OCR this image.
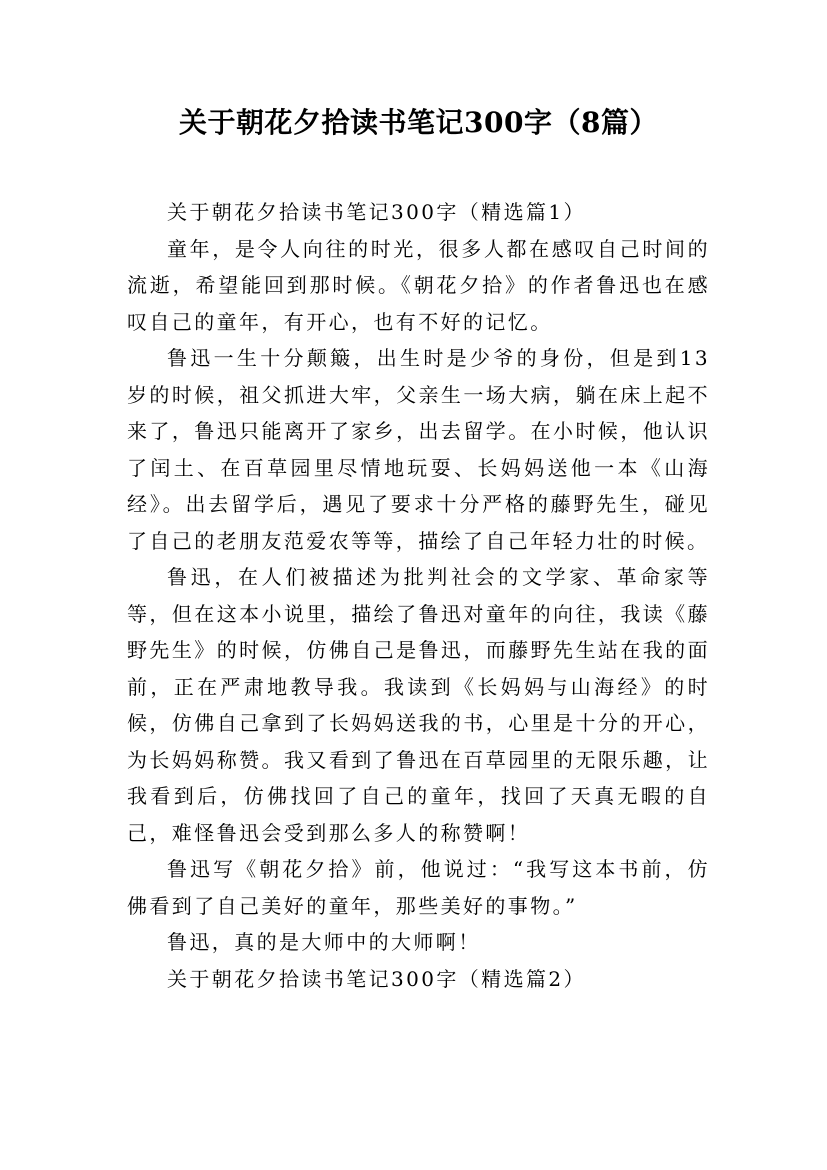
关于朝花夕拾读书笔记300字（8篇）

关于朝花夕拾读书笔记300字（精选篇1）

童年，是令人向往的时光，很多人都在感叹自己时间的流逝，希望能回到那时候。《朝花夕拾》的作者鲁迅也在感叹自己的童年，有开心，也有不好的记忆。

鲁迅一生十分颠簸，出生时是少爷的身份，但是到13岁的时候，祖父抓进大牢，父亲生一场大病，躺在床上起不来了，鲁迅只能离开了家乡，出去留学。在小时候，他认识了闰土、在百草园里尽情地玩耍、长妈妈送他一本《山海经》。出去留学后，遇见了要求十分严格的藤野先生，碰见了自己的老朋友范爱农等等，描绘了自己年轻力壮的时候。

鲁迅，在人们被描述为批判社会的文学家、革命家等等，但在这本小说里，描绘了鲁迅对童年的向往，我读《藤野先生》的时候，仿佛自己是鲁迅，而藤野先生站在我的面前，正在严肃地教导我。我读到《长妈妈与山海经》的时候，仿佛自己拿到了长妈妈送我的书，心里是十分的开心，为长妈妈称赞。我又看到了鲁迅在百草园里的无限乐趣，让我看到后，仿佛找回了自己的童年，找回了天真无暇的自己，难怪鲁迅会受到那么多人的称赞啊！

鲁迅写《朝花夕拾》前，他说过：“我写这本书前，仿佛看到了自己美好的童年，那些美好的事物。”

鲁迅，真的是大师中的大师啊！

关于朝花夕拾读书笔记300字（精选篇2）
